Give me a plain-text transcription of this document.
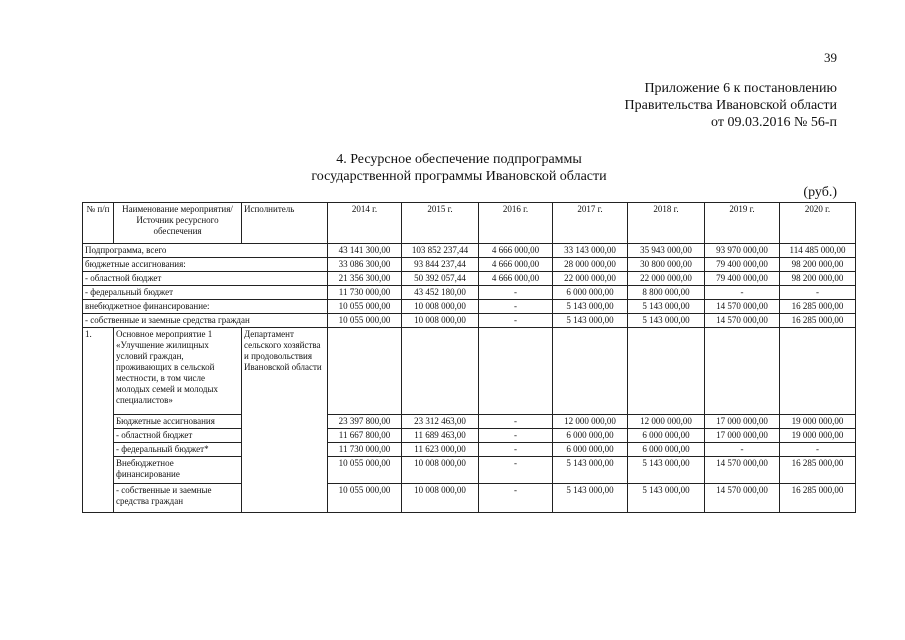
39
Приложение 6 к постановлению
Правительства Ивановской области
от 09.03.2016 № 56-п
4. Ресурсное обеспечение подпрограммы
государственной программы Ивановской области
(руб.)
№ п/п	Наименование мероприятия/Источник ресурсного обеспечения	Исполнитель	2014 г.	2015 г.	2016 г.	2017 г.	2018 г.	2019 г.	2020 г.
Подпрограмма, всего			43 141 300,00	103 852 237,44	4 666 000,00	33 143 000,00	35 943 000,00	93 970 000,00	114 485 000,00
бюджетные ассигнования:			33 086 300,00	93 844 237,44	4 666 000,00	28 000 000,00	30 800 000,00	79 400 000,00	98 200 000,00
- областной бюджет			21 356 300,00	50 392 057,44	4 666 000,00	22 000 000,00	22 000 000,00	79 400 000,00	98 200 000,00
- федеральный бюджет			11 730 000,00	43 452 180,00	-	6 000 000,00	8 800 000,00	-	-
внебюджетное финансирование:			10 055 000,00	10 008 000,00	-	5 143 000,00	5 143 000,00	14 570 000,00	16 285 000,00
- собственные и заемные средства граждан			10 055 000,00	10 008 000,00	-	5 143 000,00	5 143 000,00	14 570 000,00	16 285 000,00
1.	Основное мероприятие 1 «Улучшение жилищных условий граждан, проживающих в сельской местности, в том числе молодых семей и молодых специалистов»	Департамент сельского хозяйства и продовольствия Ивановской области							
	Бюджетные ассигнования		23 397 800,00	23 312 463,00	-	12 000 000,00	12 000 000,00	17 000 000,00	19 000 000,00
	- областной бюджет		11 667 800,00	11 689 463,00	-	6 000 000,00	6 000 000,00	17 000 000,00	19 000 000,00
	- федеральный бюджет*		11 730 000,00	11 623 000,00	-	6 000 000,00	6 000 000,00	-	-
	Внебюджетное финансирование		10 055 000,00	10 008 000,00	-	5 143 000,00	5 143 000,00	14 570 000,00	16 285 000,00
	- собственные и заемные средства граждан		10 055 000,00	10 008 000,00	-	5 143 000,00	5 143 000,00	14 570 000,00	16 285 000,00
